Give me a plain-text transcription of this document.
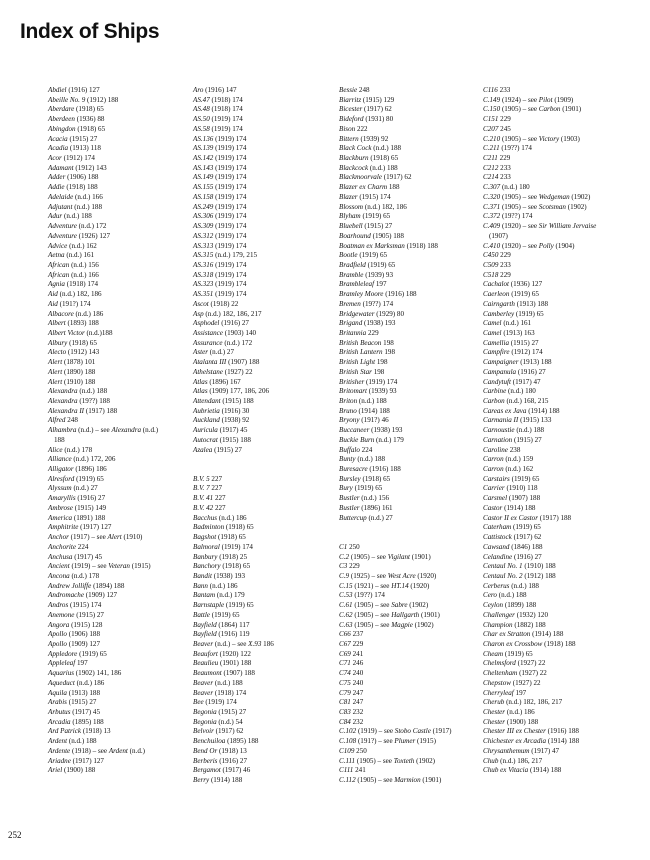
Index of Ships
Abdiel (1916) 127
Abeille No. 9 (1912) 188
Aberdare (1918) 65
Aberdeen (1936) 88
Abingdon (1918) 65
Acacia (1915) 27
Acadia (1913) 118
Acor (1912) 174
Adamant (1912) 143
Adder (1906) 188
Addie (1918) 188
Adelaide (n.d.) 166
Adjutant (n.d.) 188
Adur (n.d.) 188
Adventure (n.d.) 172
Adventure (1926) 127
Advice (n.d.) 162
Aetna (n.d.) 161
African (n.d.) 156
African (n.d.) 166
Agnia (1918) 174
Aid (n.d.) 182, 186
Aid (191?) 174
Albacore (n.d.) 186
Albert (1893) 188
Albert Victor (n.d.)188
Albury (1918) 65
Alecto (1912) 143
Alert (1878) 101
Alert (1890) 188
Alert (1910) 188
Alexandra (n.d.) 188
Alexandra (19??) 188
Alexandra II (1917) 188
Alfred 248
Alhambra (n.d.) – see Alexandra (n.d.)
188
Alice (n.d.) 178
Alliance (n.d.) 172, 206
Alligator (1896) 186
Alresford (1919) 65
Alyssum (n.d.) 27
Amaryllis (1916) 27
Ambrose (1915) 149
America (1891) 188
Amphitrite (1917) 127
Anchor (1917) – see Alert (1910)
Anchorite 224
Anchusa (1917) 45
Ancient (1919) – see Veteran (1915)
Ancona (n.d.) 178
Andrew Jolliffe (1894) 188
Andromache (1909) 127
Andros (1915) 174
Anemone (1915) 27
Angora (1915) 128
Apollo (1906) 188
Apollo (1909) 127
Appledore (1919) 65
Appleleaf 197
Aquarius (1902) 141, 186
Aqueduct (n.d.) 186
Aquila (1913) 188
Arabis (1915) 27
Arbutus (1917) 45
Arcadia (1895) 188
Ard Patrick (1918) 13
Ardent (n.d.) 188
Ardente (1918) – see Ardent (n.d.)
Ariadne (1917) 127
Ariel (1900) 188
Aro (1916) 147
AS.47 (1918) 174
AS.48 (1918) 174
AS.50 (1919) 174
AS.58 (1919) 174
AS.136 (1919) 174
AS.139 (1919) 174
AS.142 (1919) 174
AS.143 (1919) 174
AS.149 (1919) 174
AS.155 (1919) 174
AS.158 (1919) 174
AS.249 (1919) 174
AS.306 (1919) 174
AS.309 (1919) 174
AS.312 (1919) 174
AS.313 (1919) 174
AS.315 (n.d.) 179, 215
AS.316 (1919) 174
AS.318 (1919) 174
AS.323 (1919) 174
AS.351 (1919) 174
Ascot (1918) 22
Asp (n.d.) 182, 186, 217
Asphodel (1916) 27
Assistance (1903) 140
Assurance (n.d.) 172
Aster (n.d.) 27
Atalanta III (1907) 188
Athelstane (1927) 22
Atlas (1896) 167
Atlas (1909) 177, 186, 206
Attendant (1915) 188
Aubrietia (1916) 30
Auckland (1938) 92
Auricula (1917) 45
Autocrat (1915) 188
Azalea (1915) 27
B.V. 5 227
B.V. 7 227
B.V. 41 227
B.V. 42 227
Bacchus (n.d.) 186
Badminton (1918) 65
Bagshot (1918) 65
Balmoral (1919) 174
Banbury (1918) 25
Banchory (1918) 65
Bandit (1938) 193
Bann (n.d.) 186
Bantam (n.d.) 179
Barnstaple (1919) 65
Battle (1919) 65
Bayfield (1864) 117
Bayfield (1916) 119
Beaver (n.d.) – see X.93 186
Beaufort (1920) 122
Beaulieu (1901) 188
Beaumont (1907) 188
Beaver (n.d.) 188
Beaver (1918) 174
Bee (1919) 174
Begonia (1915) 27
Begonia (n.d.) 54
Belvoir (1917) 62
Benchuiloa (1895) 188
Bend Or (1918) 13
Berberis (1916) 27
Bergamot (1917) 46
Berry (1914) 188
Bessie 248
Biarritz (1915) 129
Bicester (1917) 62
Bideford (1931) 80
Bison 222
Bittern (1939) 92
Black Cock (n.d.) 188
Blackburn (1918) 65
Blackcock (n.d.) 188
Blackmoorvale (1917) 62
Blazer ex Charm 188
Blazer (1915) 174
Blossom (n.d.) 182, 186
Blyham (1919) 65
Bluebell (1915) 27
Boarhound (1905) 188
Boatman ex Marksman (1918) 188
Bootle (1919) 65
Bradfield (1919) 65
Bramble (1939) 93
Brambleleaf 197
Bramley Moore (1916) 188
Bremen (19??) 174
Bridgewater (1929) 80
Brigand (1938) 193
Britannia 229
British Beacon 198
British Lantern 198
British Light 198
British Star 198
Britisher (1919) 174
Britomart (1939) 93
Briton (n.d.) 188
Bruno (1914) 188
Bryony (191?) 46
Buccaneer (1938) 193
Buckie Burn (n.d.) 179
Buffalo 224
Bunty (n.d.) 188
Buresacre (1916) 188
Bursley (1918) 65
Bury (1919) 65
Bustler (n.d.) 156
Bustler (1896) 161
Buttercup (n.d.) 27
C1 250
C.2 (1905) – see Vigilant (1901)
C3 229
C.9 (1925) – see West Acre (1920)
C.15 (1921) – see HT.14 (1920)
C.53 (19??) 174
C.61 (1905) – see Sabre (1902)
C.62 (1905) – see Hallgarth (1901)
C.63 (1905) – see Magpie (1902)
C66 237
C67 229
C69 241
C71 246
C74 240
C75 240
C79 247
C81 247
C83 232
C84 232
C.102 (1919) – see Stobo Castle (1917)
C.108 (191?) – see Plumer (1915)
C109 250
C.111 (1905) – see Toxteth (1902)
C111 241
C.112 (1905) – see Marmion (1901)
C116 233
C.149 (1924) – see Pilot (1909)
C.150 (1905) – see Carbon (1901)
C151 229
C207 245
C.210 (1905) – see Victory (1903)
C.211 (19??) 174
C211 229
C212 233
C214 233
C.307 (n.d.) 180
C.320 (1905) – see Wedgeman (1902)
C.371 (1905) – see Scotsman (1902)
C.372 (19??) 174
C.409 (1920) – see Sir William Jervaise
(1907)
C.410 (1920) – see Polly (1904)
C450 229
C509 233
C518 229
Cachalot (1936) 127
Caerleon (1919) 65
Cairngarth (1913) 188
Camberley (1919) 65
Camel (n.d.) 161
Camel (1913) 163
Camellia (1915) 27
Campfire (1912) 174
Campaigner (1913) 188
Campanula (1916) 27
Candytuft (1917) 47
Carbine (n.d.) 180
Carbon (n.d.) 168, 215
Careas ex Java (1914) 188
Carmania II (1915) 133
Carnoustie (n.d.) 188
Carnation (1915) 27
Caroline 238
Carron (n.d.) 159
Carron (n.d.) 162
Carstairs (1919) 65
Carrier (1910) 118
Carsmel (1907) 188
Castor (1914) 188
Castor II ex Castor (1917) 188
Caterham (1919) 65
Cattistock (1917) 62
Cawsand (1846) 188
Celandine (1916) 27
Centaul No. 1 (1910) 188
Centaul No. 2 (1912) 188
Cerberus (n.d.) 188
Cero (n.d.) 188
Ceylon (1899) 188
Challenger (1932) 120
Champion (1882) 188
Char ex Stratton (1914) 188
Charon ex Crossbow (1918) 188
Cheam (1919) 65
Chelmsford (1927) 22
Cheltenham (1927) 22
Chepstow (1927) 22
Cherryleaf 197
Cherub (n.d.) 182, 186, 217
Chester (n.d.) 186
Chester (1900) 188
Chester III ex Chester (1916) 188
Chichester ex Arcadia (1914) 188
Chrysanthemum (1917) 47
Chub (n.d.) 186, 217
Chub ex Vitacia (1914) 188
252
